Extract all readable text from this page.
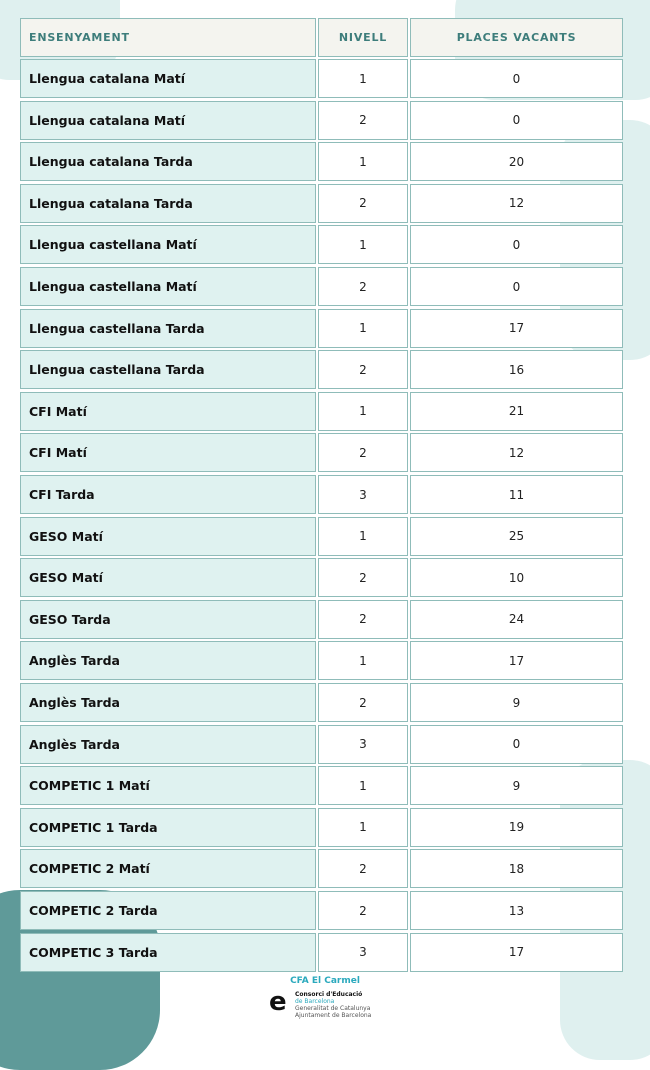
CFA El Carmel
e	Consorci d'Educació
de Barcelona
Generalitat de Catalunya
Ajuntament de Barcelona
ENSENYAMENT	NIVELL	PLACES VACANTS
Llengua catalana Matí	1	0
Llengua catalana Matí	2	0
Llengua catalana Tarda	1	20
Llengua catalana Tarda	2	12
Llengua castellana Matí	1	0
Llengua castellana Matí	2	0
Llengua castellana Tarda	1	17
Llengua castellana Tarda	2	16
CFI Matí	1	21
CFI Matí	2	12
CFI Tarda	3	11
GESO Matí	1	25
GESO Matí	2	10
GESO Tarda	2	24
Anglès Tarda	1	17
Anglès Tarda	2	9
Anglès Tarda	3	0
COMPETIC 1 Matí	1	9
COMPETIC 1 Tarda	1	19
COMPETIC 2 Matí	2	18
COMPETIC 2 Tarda	2	13
COMPETIC 3 Tarda	3	17
